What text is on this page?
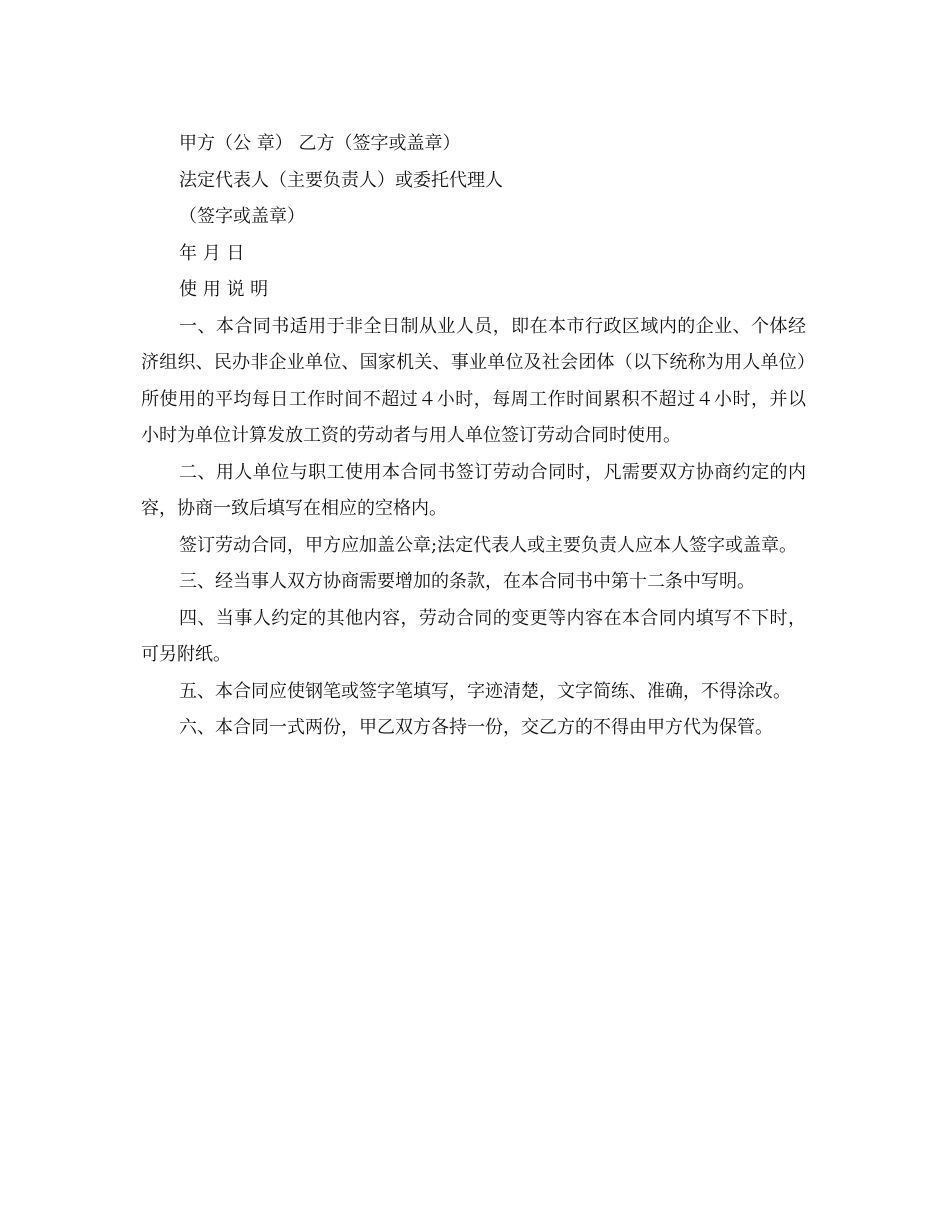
甲方（公 章） 乙方（签字或盖章）

法定代表人（主要负责人）或委托代理人

（签字或盖章）

年 月 日

使 用 说 明

一、本合同书适用于非全日制从业人员，即在本市行政区域内的企业、个体经济组织、民办非企业单位、国家机关、事业单位及社会团体（以下统称为用人单位）所使用的平均每日工作时间不超过４小时，每周工作时间累积不超过４小时，并以小时为单位计算发放工资的劳动者与用人单位签订劳动合同时使用。

二、用人单位与职工使用本合同书签订劳动合同时，凡需要双方协商约定的内容，协商一致后填写在相应的空格内。

签订劳动合同，甲方应加盖公章;法定代表人或主要负责人应本人签字或盖章。

三、经当事人双方协商需要增加的条款，在本合同书中第十二条中写明。

四、当事人约定的其他内容，劳动合同的变更等内容在本合同内填写不下时，可另附纸。

五、本合同应使钢笔或签字笔填写，字迹清楚，文字简练、准确，不得涂改。

六、本合同一式两份，甲乙双方各持一份，交乙方的不得由甲方代为保管。
